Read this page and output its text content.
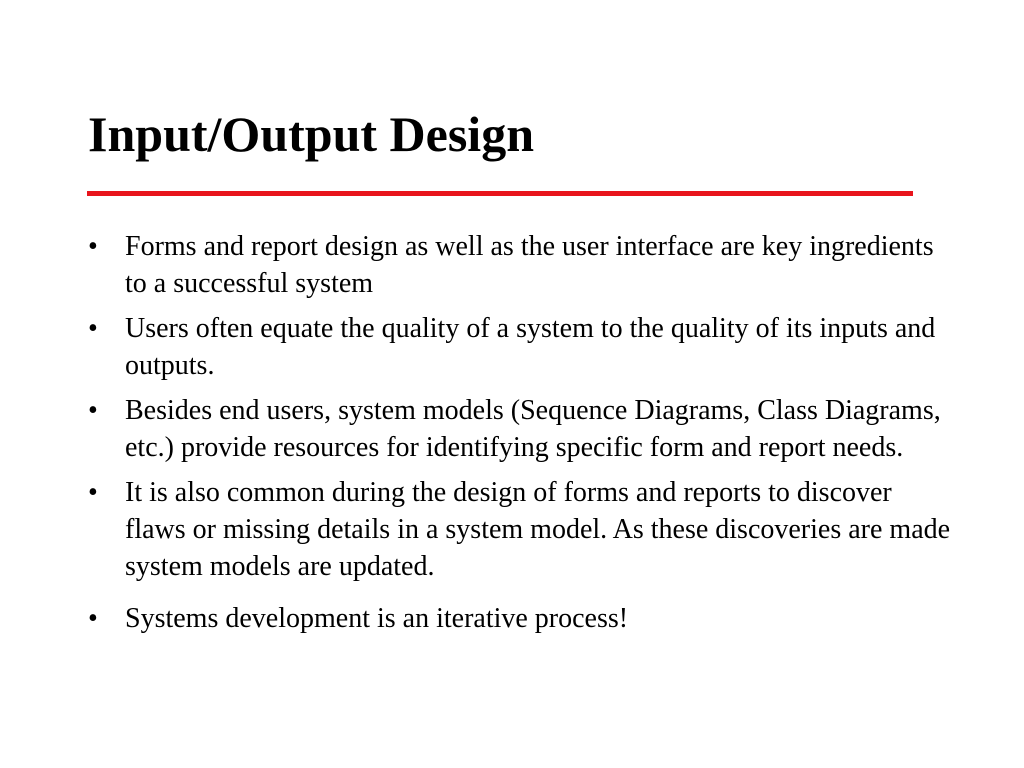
Input/Output Design
• Forms and report design as well as the user interface are key ingredients to a successful system
• Users often equate the quality of a system to the quality of its inputs and outputs.
• Besides end users, system models (Sequence Diagrams, Class Diagrams, etc.) provide resources for identifying specific form and report needs.
• It is also common during the design of forms and reports to discover flaws or missing details in a system model. As these discoveries are made system models are updated.
• Systems development is an iterative process!
